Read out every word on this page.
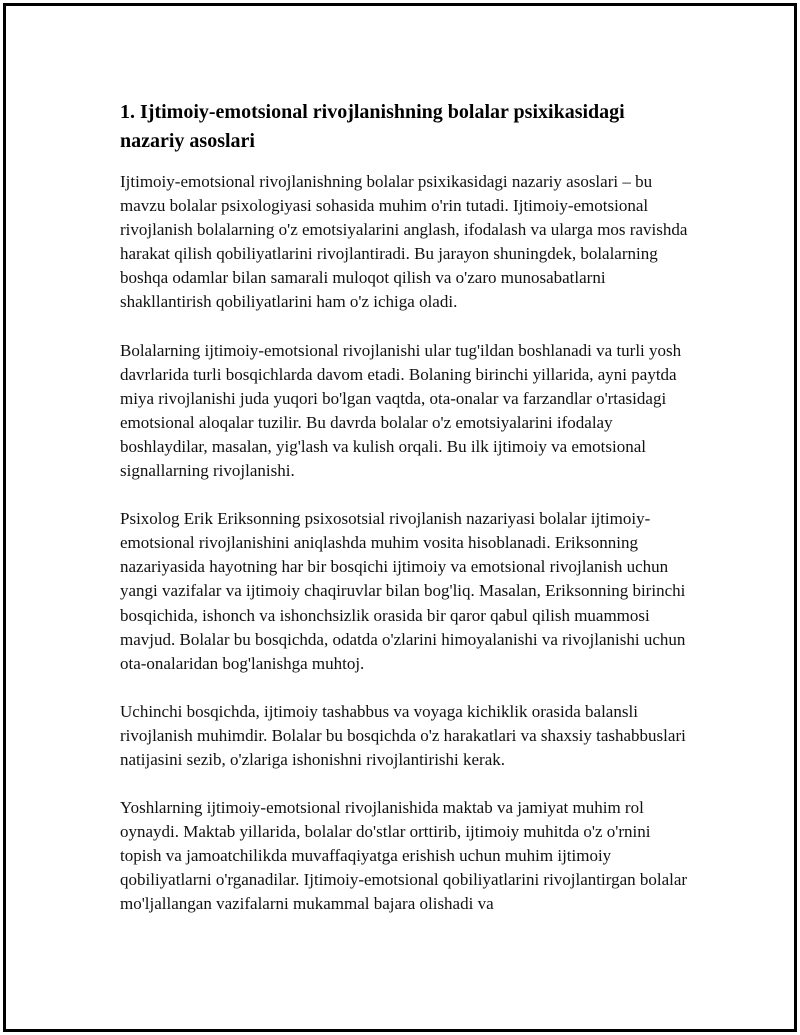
1. Ijtimoiy-emotsional rivojlanishning bolalar psixikasidagi nazariy asoslari

Ijtimoiy-emotsional rivojlanishning bolalar psixikasidagi nazariy asoslari – bu mavzu bolalar psixologiyasi sohasida muhim o'rin tutadi. Ijtimoiy-emotsional rivojlanish bolalarning o'z emotsiyalarini anglash, ifodalash va ularga mos ravishda harakat qilish qobiliyatlarini rivojlantiradi. Bu jarayon shuningdek, bolalarning boshqa odamlar bilan samarali muloqot qilish va o'zaro munosabatlarni shakllantirish qobiliyatlarini ham o'z ichiga oladi.

Bolalarning ijtimoiy-emotsional rivojlanishi ular tug'ildan boshlanadi va turli yosh davrlarida turli bosqichlarda davom etadi. Bolaning birinchi yillarida, ayni paytda miya rivojlanishi juda yuqori bo'lgan vaqtda, ota-onalar va farzandlar o'rtasidagi emotsional aloqalar tuzilir. Bu davrda bolalar o'z emotsiyalarini ifodalay boshlaydilar, masalan, yig'lash va kulish orqali. Bu ilk ijtimoiy va emotsional signallarning rivojlanishi.

Psixolog Erik Eriksonning psixosotsial rivojlanish nazariyasi bolalar ijtimoiy-emotsional rivojlanishini aniqlashda muhim vosita hisoblanadi. Eriksonning nazariyasida hayotning har bir bosqichi ijtimoiy va emotsional rivojlanish uchun yangi vazifalar va ijtimoiy chaqiruvlar bilan bog'liq. Masalan, Eriksonning birinchi bosqichida, ishonch va ishonchsizlik orasida bir qaror qabul qilish muammosi mavjud. Bolalar bu bosqichda, odatda o'zlarini himoyalanishi va rivojlanishi uchun ota-onalaridan bog'lanishga muhtoj.

Uchinchi bosqichda, ijtimoiy tashabbus va voyaga kichiklik orasida balansli rivojlanish muhimdir. Bolalar bu bosqichda o'z harakatlari va shaxsiy tashabbuslari natijasini sezib, o'zlariga ishonishni rivojlantirishi kerak.

Yoshlarning ijtimoiy-emotsional rivojlanishida maktab va jamiyat muhim rol oynaydi. Maktab yillarida, bolalar do'stlar orttirib, ijtimoiy muhitda o'z o'rnini topish va jamoatchilikda muvaffaqiyatga erishish uchun muhim ijtimoiy qobiliyatlarni o'rganadilar. Ijtimoiy-emotsional qobiliyatlarini rivojlantirgan bolalar mo'ljallangan vazifalarni mukammal bajara olishadi va
